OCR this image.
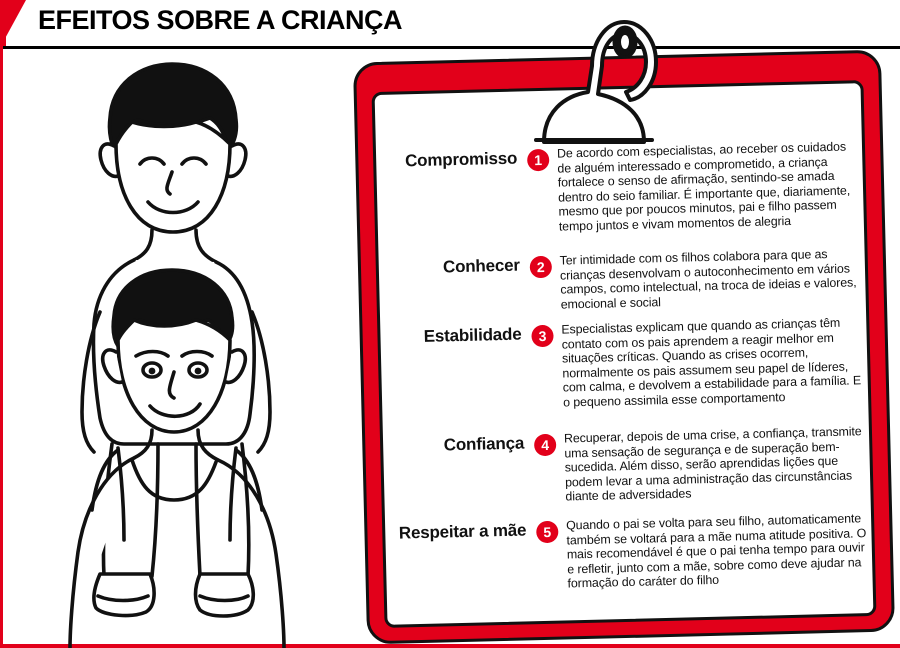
EFEITOS SOBRE A CRIANÇA
Compromisso	1	De acordo com especialistas, ao receber os cuidados de alguém interessado e comprometido, a criança fortalece o senso de afirmação, sentindo-se amada dentro do seio familiar. É importante que, diariamente, mesmo que por poucos minutos, pai e filho passem tempo juntos e vivam momentos de alegria
Conhecer	2	Ter intimidade com os filhos colabora para que as crianças desenvolvam o autoconhecimento em vários campos, como intelectual, na troca de ideias e valores, emocional e social
Estabilidade	3	Especialistas explicam que quando as crianças têm contato com os pais aprendem a reagir melhor em situações críticas. Quando as crises ocorrem, normalmente os pais assumem seu papel de líderes, com calma, e devolvem a estabilidade para a família. E o pequeno assimila esse comportamento
Confiança	4	Recuperar, depois de uma crise, a confiança, transmite uma sensação de segurança e de superação bem-sucedida. Além disso, serão aprendidas lições que podem levar a uma administração das circunstâncias diante de adversidades
Respeitar a mãe	5	Quando o pai se volta para seu filho, automaticamente também se voltará para a mãe numa atitude positiva. O mais recomendável é que o pai tenha tempo para ouvir e refletir, junto com a mãe, sobre como deve ajudar na formação do caráter do filho
